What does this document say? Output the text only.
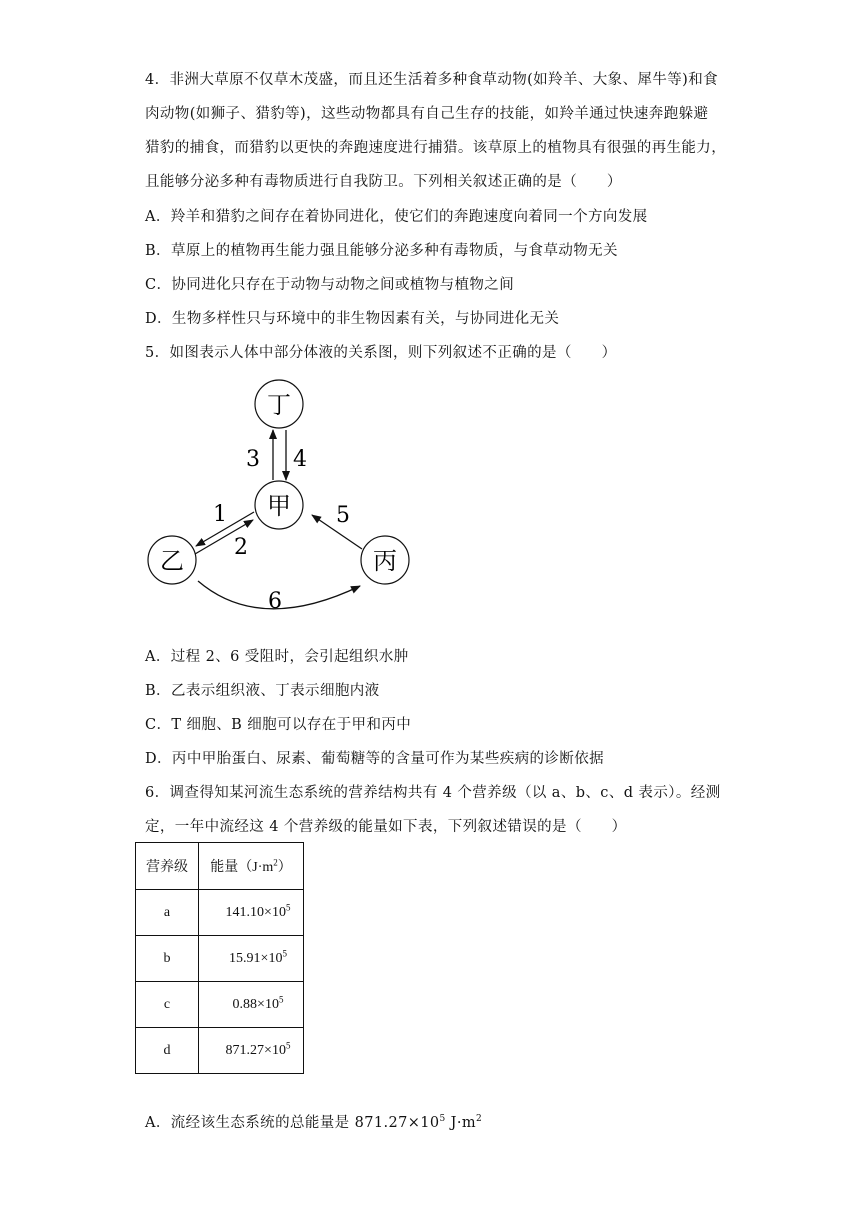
4．非洲大草原不仅草木茂盛，而且还生活着多种食草动物(如羚羊、大象、犀牛等)和食
肉动物(如狮子、猎豹等)，这些动物都具有自己生存的技能，如羚羊通过快速奔跑躲避
猎豹的捕食，而猎豹以更快的奔跑速度进行捕猎。该草原上的植物具有很强的再生能力，
且能够分泌多种有毒物质进行自我防卫。下列相关叙述正确的是（　　）
A．羚羊和猎豹之间存在着协同进化，使它们的奔跑速度向着同一个方向发展
B．草原上的植物再生能力强且能够分泌多种有毒物质，与食草动物无关
C．协同进化只存在于动物与动物之间或植物与植物之间
D．生物多样性只与环境中的非生物因素有关，与协同进化无关
5．如图表示人体中部分体液的关系图，则下列叙述不正确的是（　　）
丁
甲
乙	丙
3 4
1
2
5
6
A．过程 2、6 受阻时，会引起组织水肿
B．乙表示组织液、丁表示细胞内液
C．T 细胞、B 细胞可以存在于甲和丙中
D．丙中甲胎蛋白、尿素、葡萄糖等的含量可作为某些疾病的诊断依据
6．调查得知某河流生态系统的营养结构共有 4 个营养级（以 a、b、c、d 表示）。经测
定，一年中流经这 4 个营养级的能量如下表，下列叙述错误的是（　　）
营养级	能量$(J\cdot m^2)$
a	$141.10\times 10^5$
b	$15.91\times 10^5$
c	$0.88\times 10^5$
d	$871.27\times 10^5$
A．流经该生态系统的总能量是 $871.27\times 10^5$ $J\cdot m^2$
